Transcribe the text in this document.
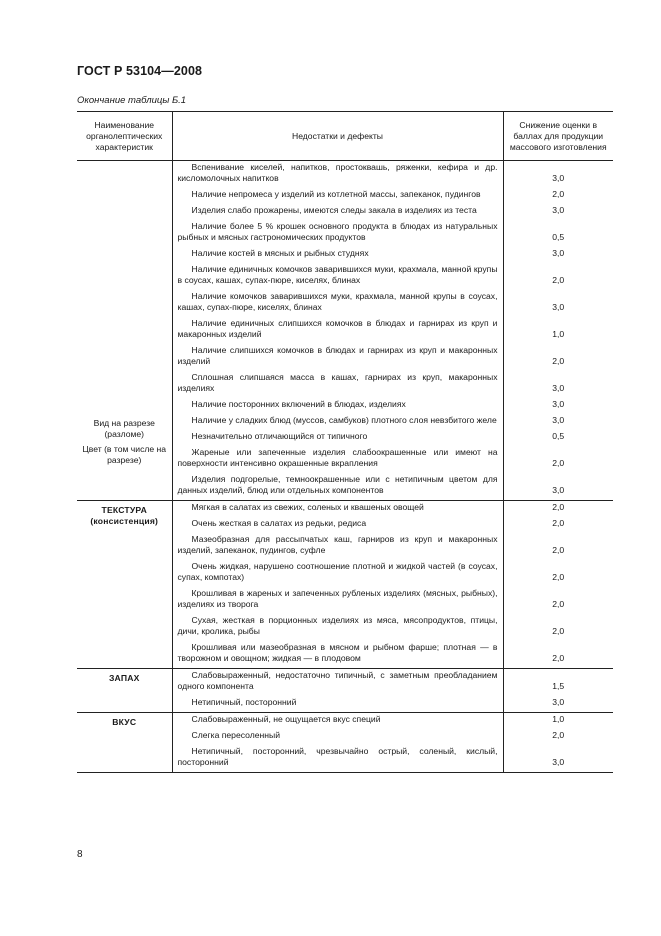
ГОСТ Р 53104—2008
Окончание таблицы Б.1
Наименование органолептических характеристик	Недостатки и дефекты	Снижение оценки в баллах для продукции массового изготовления

Вид на разрезе (разломе)

Цвет (в том числе на разрезе)	Вспенивание киселей, напитков, простоквашь, ряженки, кефира и др. кисломолочных напитков	3,0
	Наличие непромеса у изделий из котлетной массы, запеканок, пудингов	2,0
	Изделия слабо прожарены, имеются следы закала в изделиях из теста	3,0
	Наличие более 5 % крошек основного продукта в блюдах из натуральных рыбных и мясных гастрономических продуктов	0,5
	Наличие костей в мясных и рыбных студнях	3,0
	Наличие единичных комочков заварившихся муки, крахмала, манной крупы в соусах, кашах, супах-пюре, киселях, блинах	2,0
	Наличие комочков заварившихся муки, крахмала, манной крупы в соусах, кашах, супах-пюре, киселях, блинах	3,0
	Наличие единичных слипшихся комочков в блюдах и гарнирах из круп и макаронных изделий	1,0
	Наличие слипшихся комочков в блюдах и гарнирах из круп и макаронных изделий	2,0
	Сплошная слипшаяся масса в кашах, гарнирах из круп, макаронных изделиях	3,0
	Наличие посторонних включений в блюдах, изделиях	3,0
	Наличие у сладких блюд (муссов, самбуков) плотного слоя невзбитого желе	3,0
	Незначительно отличающийся от типичного	0,5
	Жареные или запеченные изделия слабоокрашенные или имеют на поверхности интенсивно окрашенные вкрапления	2,0
	Изделия подгорелые, темноокрашенные или с нетипичным цветом для данных изделий, блюд или отдельных компонентов	3,0
ТЕКСТУРА (консистенция)	Мягкая в салатах из свежих, соленых и квашеных овощей	2,0
	Очень жесткая в салатах из редьки, редиса	2,0
	Мазеобразная для рассыпчатых каш, гарниров из круп и макаронных изделий, запеканок, пудингов, суфле	2,0
	Очень жидкая, нарушено соотношение плотной и жидкой частей (в соусах, супах, компотах)	2,0
	Крошливая в жареных и запеченных рубленых изделиях (мясных, рыбных), изделиях из творога	2,0
	Сухая, жесткая в порционных изделиях из мяса, мясопродуктов, птицы, дичи, кролика, рыбы	2,0
	Крошливая или мазеобразная в мясном и рыбном фарше; плотная — в творожном и овощном; жидкая — в плодовом	2,0
ЗАПАХ	Слабовыраженный, недостаточно типичный, с заметным преобладанием одного компонента	1,5
	Нетипичный, посторонний	3,0
ВКУС	Слабовыраженный, не ощущается вкус специй	1,0
	Слегка пересоленный	2,0
	Нетипичный, посторонний, чрезвычайно острый, соленый, кислый, посторонний	3,0
8
